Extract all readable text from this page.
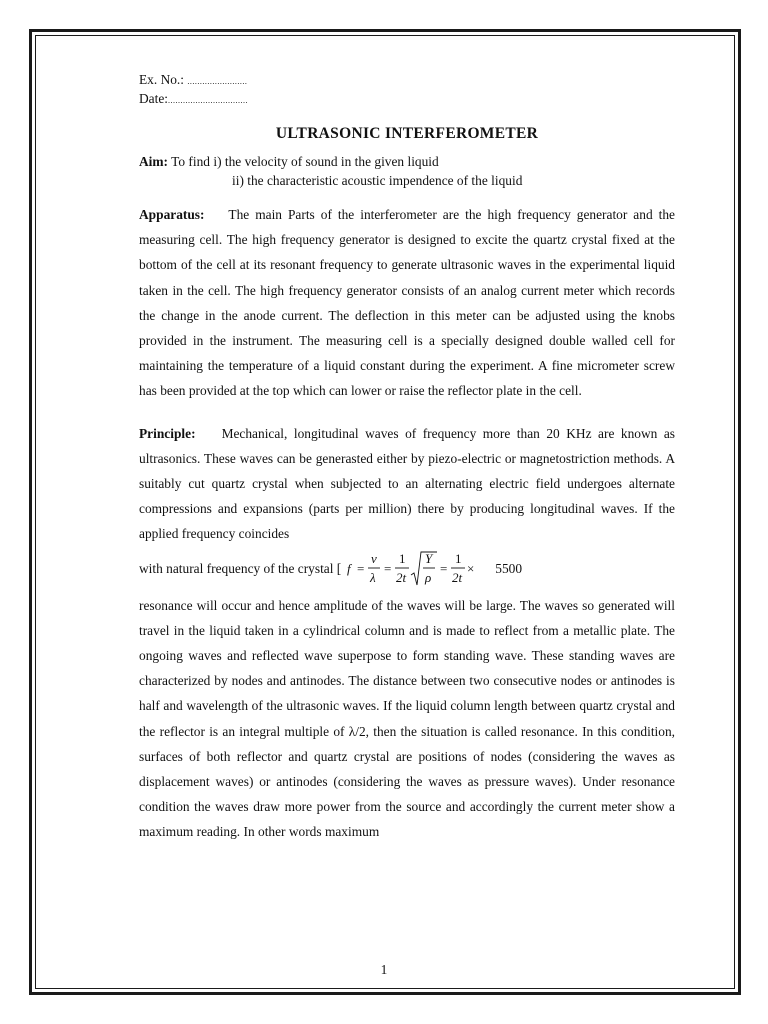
Ex. No.: ........................
Date:................................
ULTRASONIC INTERFEROMETER
Aim: To find i) the velocity of sound in the given liquid
ii) the characteristic acoustic impendence of the liquid

Apparatus: The main Parts of the interferometer are the high frequency generator and the measuring cell. The high frequency generator is designed to excite the quartz crystal fixed at the bottom of the cell at its resonant frequency to generate ultrasonic waves in the experimental liquid taken in the cell. The high frequency generator consists of an analog current meter which records the change in the anode current. The deflection in this meter can be adjusted using the knobs provided in the instrument. The measuring cell is a specially designed double walled cell for maintaining the temperature of a liquid constant during the experiment. A fine micrometer screw has been provided at the top which can lower or raise the reflector plate in the cell.

Principle: Mechanical, longitudinal waves of frequency more than 20 KHz are known as ultrasonics. These waves can be generasted either by piezo-electric or magnetostriction methods. A suitably cut quartz crystal when subjected to an alternating electric field undergoes alternate compressions and expansions (parts per million) there by producing longitudinal waves. If the applied frequency coincides

with natural frequency of the crystal [ f =
v
λ
=
1
2t
Y
ρ
=
1
2t
× 5500

resonance will occur and hence amplitude of the waves will be large. The waves so generated will travel in the liquid taken in a cylindrical column and is made to reflect from a metallic plate. The ongoing waves and reflected wave superpose to form standing wave. These standing waves are characterized by nodes and antinodes. The distance between two consecutive nodes or antinodes is half and wavelength of the ultrasonic waves. If the liquid column length between quartz crystal and the reflector is an integral multiple of λ/2, then the situation is called resonance. In this condition, surfaces of both reflector and quartz crystal are positions of nodes (considering the waves as displacement waves) or antinodes (considering the waves as pressure waves). Under resonance condition the waves draw more power from the source and accordingly the current meter show a maximum reading. In other words maximum

1
